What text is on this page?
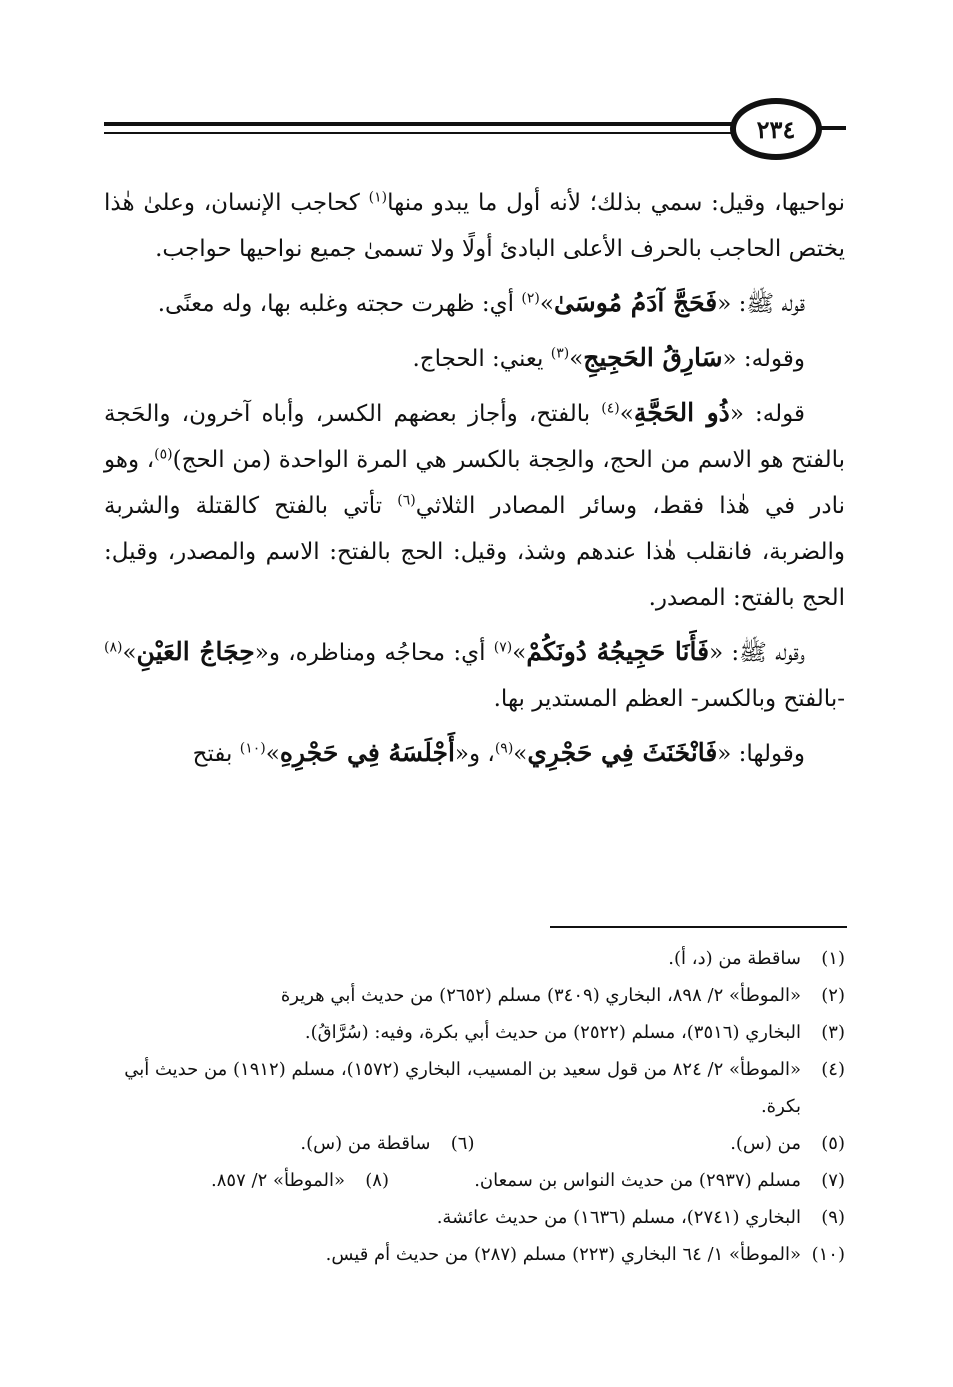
٢٣٤

نواحيها، وقيل: سمي بذلك؛ لأنه أول ما يبدو منها$^{(١)}$ كحاجب الإنسان، وعلىٰ هٰذا يختص الحاجب بالحرف الأعلى البادئ أولًا ولا تسمىٰ جميع نواحيها حواجب.

قوله ﷺ: «فَحَجَّ آدَمُ مُوسَىٰ»$^{(٢)}$ أي: ظهرت حجته وغلبه بها، وله معنًى.

وقوله: «سَارِقُ الحَجِيجِ»$^{(٣)}$ يعني: الحجاج.

قوله: «ذُو الحَجَّةِ»$^{(٤)}$ بالفتح، وأجاز بعضهم الكسر، وأباه آخرون، والحَجة بالفتح هو الاسم من الحج، والحِجة بالكسر هي المرة الواحدة (من الحج)$^{(٥)}$، وهو نادر في هٰذا فقط، وسائر المصادر الثلاثي$^{(٦)}$ تأتي بالفتح كالقتلة والشربة والضربة، فانقلب هٰذا عندهم وشذ، وقيل: الحج بالفتح: الاسم والمصدر، وقيل: الحج بالفتح: المصدر.

وقوله ﷺ: «فَأَنَا حَجِيجُهُ دُونَكُمْ»$^{(٧)}$ أي: محاجُه ومناظره، و«حِجَاجُ العَيْنِ»$^{(٨)}$ -بالفتح وبالكسر- العظم المستدير بها.

وقولها: «فَانْخَنَثَ فِي حَجْرِي»$^{(٩)}$، و«أَجْلَسَهُ فِي حَجْرِهِ»$^{(١٠)}$ بفتح

(١)
ساقطة من (د، أ).
(٢)
«الموطأ» ٢/ ٨٩٨، البخاري (٣٤٠٩) مسلم (٢٦٥٢) من حديث أبي هريرة
(٣)
البخاري (٣٥١٦)، مسلم (٢٥٢٢) من حديث أبي بكرة، وفيه: (سُرَّاقُ).
(٤)
«الموطأ» ٢/ ٨٢٤ من قول سعيد بن المسيب، البخاري (١٥٧٢)، مسلم (١٩١٢) من حديث أبي بكرة.
(٥)
من (س).
(٦)
ساقطة من (س).
(٧)
مسلم (٢٩٣٧) من حديث النواس بن سمعان.
(٨)
«الموطأ» ٢/ ٨٥٧.
(٩)
البخاري (٢٧٤١)، مسلم (١٦٣٦) من حديث عائشة.
(١٠)
«الموطأ» ١/ ٦٤ البخاري (٢٢٣) مسلم (٢٨٧) من حديث أم قيس.
